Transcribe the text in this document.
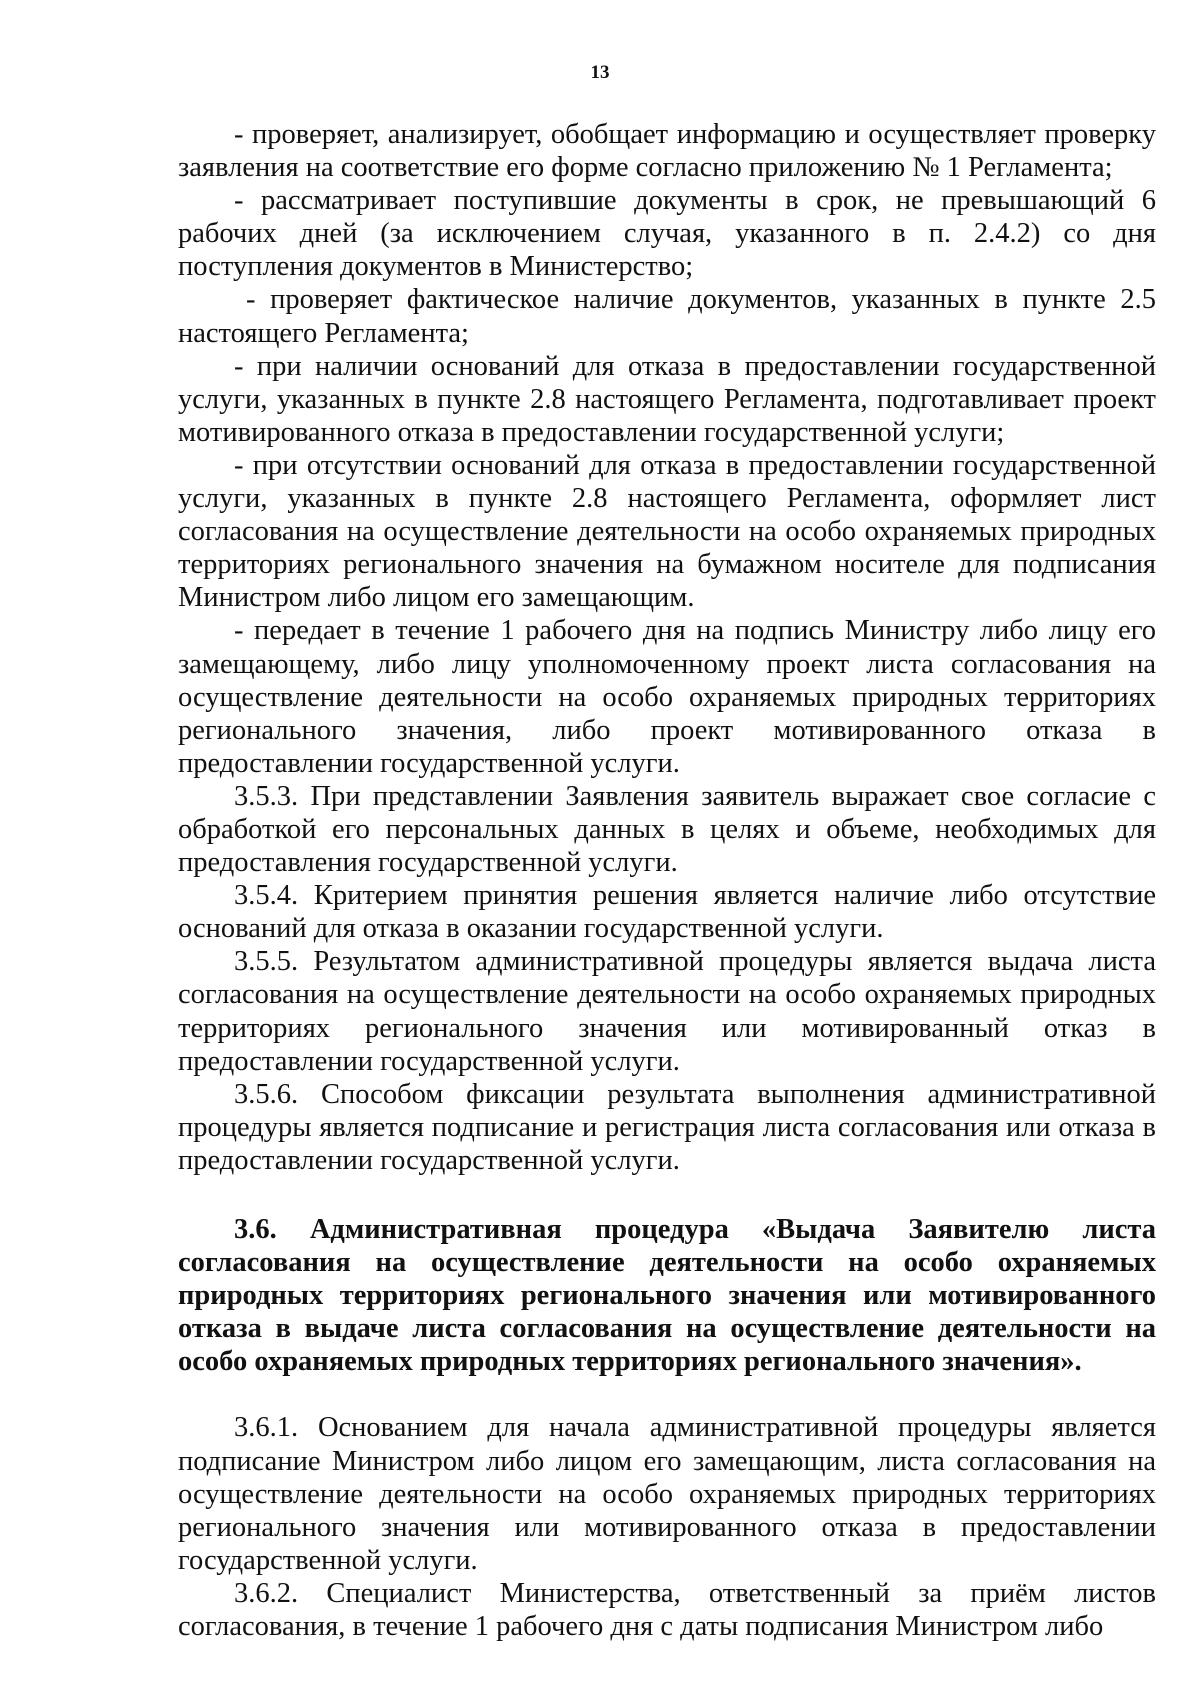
13

- проверяет, анализирует, обобщает информацию и осуществляет проверку заявления на соответствие его форме согласно приложению № 1 Регламента;

- рассматривает поступившие документы в срок, не превышающий 6 рабочих дней (за исключением случая, указанного в п. 2.4.2) со дня поступления документов в Министерство;

- проверяет фактическое наличие документов, указанных в пункте 2.5 настоящего Регламента;

- при наличии оснований для отказа в предоставлении государственной услуги, указанных в пункте 2.8 настоящего Регламента, подготавливает проект мотивированного отказа в предоставлении государственной услуги;

- при отсутствии оснований для отказа в предоставлении государственной услуги, указанных в пункте 2.8 настоящего Регламента, оформляет лист согласования на осуществление деятельности на особо охраняемых природных территориях регионального значения на бумажном носителе для подписания Министром либо лицом его замещающим.

- передает в течение 1 рабочего дня на подпись Министру либо лицу его замещающему, либо лицу уполномоченному проект листа согласования на осуществление деятельности на особо охраняемых природных территориях регионального значения, либо проект мотивированного отказа в предоставлении государственной услуги.

3.5.3. При представлении Заявления заявитель выражает свое согласие с обработкой его персональных данных в целях и объеме, необходимых для предоставления государственной услуги.

3.5.4. Критерием принятия решения является наличие либо отсутствие оснований для отказа в оказании государственной услуги.

3.5.5. Результатом административной процедуры является выдача листа согласования на осуществление деятельности на особо охраняемых природных территориях регионального значения или мотивированный отказ в предоставлении государственной услуги.

3.5.6. Способом фиксации результата выполнения административной процедуры является подписание и регистрация листа согласования или отказа в предоставлении государственной услуги.

3.6. Административная процедура «Выдача Заявителю листа согласования на осуществление деятельности на особо охраняемых природных территориях регионального значения или мотивированного отказа в выдаче листа согласования на осуществление деятельности на особо охраняемых природных территориях регионального значения».

3.6.1. Основанием для начала административной процедуры является подписание Министром либо лицом его замещающим, листа согласования на осуществление деятельности на особо охраняемых природных территориях регионального значения или мотивированного отказа в предоставлении государственной услуги.

3.6.2. Специалист Министерства, ответственный за приём листов согласования, в течение 1 рабочего дня с даты подписания Министром либо
